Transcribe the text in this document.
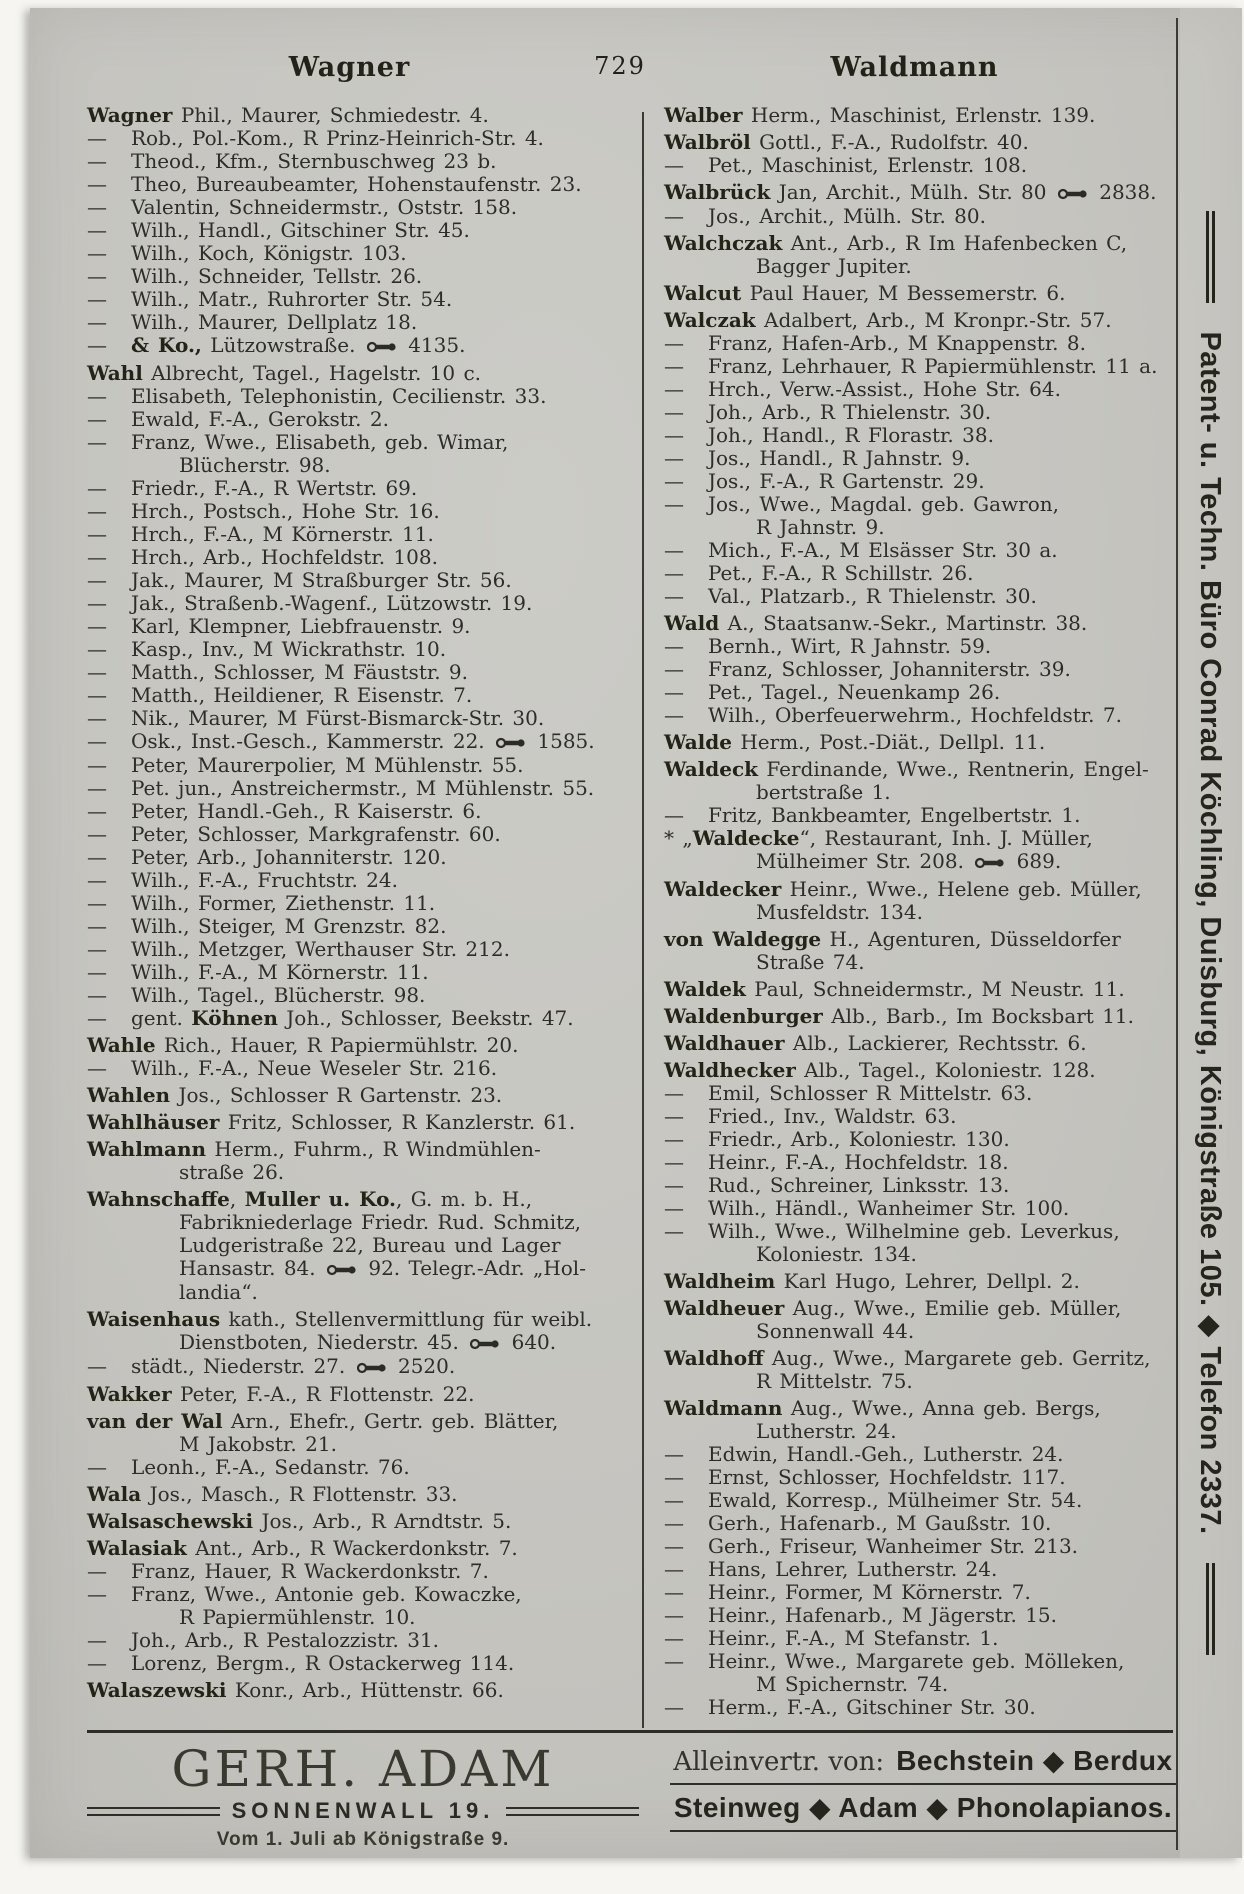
Wagner	729	Waldmann
Wagner Phil., Maurer, Schmiedestr. 4.
— Rob., Pol.-Kom., R Prinz-Heinrich-Str. 4.
— Theod., Kfm., Sternbuschweg 23 b.
— Theo, Bureaubeamter, Hohenstaufenstr. 23.
— Valentin, Schneidermstr., Oststr. 158.
— Wilh., Handl., Gitschiner Str. 45.
— Wilh., Koch, Königstr. 103.
— Wilh., Schneider, Tellstr. 26.
— Wilh., Matr., Ruhrorter Str. 54.
— Wilh., Maurer, Dellplatz 18.
— & Ko., Lützowstraße.  4135.
Wahl Albrecht, Tagel., Hagelstr. 10 c.
— Elisabeth, Telephonistin, Cecilienstr. 33.
— Ewald, F.-A., Gerokstr. 2.
— Franz, Wwe., Elisabeth, geb. Wimar,
Blücherstr. 98.
— Friedr., F.-A., R Wertstr. 69.
— Hrch., Postsch., Hohe Str. 16.
— Hrch., F.-A., M Körnerstr. 11.
— Hrch., Arb., Hochfeldstr. 108.
— Jak., Maurer, M Straßburger Str. 56.
— Jak., Straßenb.-Wagenf., Lützowstr. 19.
— Karl, Klempner, Liebfrauenstr. 9.
— Kasp., Inv., M Wickrathstr. 10.
— Matth., Schlosser, M Fäuststr. 9.
— Matth., Heildiener, R Eisenstr. 7.
— Nik., Maurer, M Fürst-Bismarck-Str. 30.
— Osk., Inst.-Gesch., Kammerstr. 22.  1585.
— Peter, Maurerpolier, M Mühlenstr. 55.
— Pet. jun., Anstreichermstr., M Mühlenstr. 55.
— Peter, Handl.-Geh., R Kaiserstr. 6.
— Peter, Schlosser, Markgrafenstr. 60.
— Peter, Arb., Johanniterstr. 120.
— Wilh., F.-A., Fruchtstr. 24.
— Wilh., Former, Ziethenstr. 11.
— Wilh., Steiger, M Grenzstr. 82.
— Wilh., Metzger, Werthauser Str. 212.
— Wilh., F.-A., M Körnerstr. 11.
— Wilh., Tagel., Blücherstr. 98.
— gent. Köhnen Joh., Schlosser, Beekstr. 47.
Wahle Rich., Hauer, R Papiermühlstr. 20.
— Wilh., F.-A., Neue Weseler Str. 216.
Wahlen Jos., Schlosser R Gartenstr. 23.
Wahlhäuser Fritz, Schlosser, R Kanzlerstr. 61.
Wahlmann Herm., Fuhrm., R Windmühlen-
straße 26.
Wahnschaffe, Muller u. Ko., G. m. b. H.,
Fabrikniederlage Friedr. Rud. Schmitz,
Ludgeristraße 22, Bureau und Lager
Hansastr. 84.  92. Telegr.-Adr. „Hol-
landia“.
Waisenhaus kath., Stellenvermittlung für weibl.
Dienstboten, Niederstr. 45.  640.
— städt., Niederstr. 27.  2520.
Wakker Peter, F.-A., R Flottenstr. 22.
van der Wal Arn., Ehefr., Gertr. geb. Blätter,
M Jakobstr. 21.
— Leonh., F.-A., Sedanstr. 76.
Wala Jos., Masch., R Flottenstr. 33.
Walsaschewski Jos., Arb., R Arndtstr. 5.
Walasiak Ant., Arb., R Wackerdonkstr. 7.
— Franz, Hauer, R Wackerdonkstr. 7.
— Franz, Wwe., Antonie geb. Kowaczke,
R Papiermühlenstr. 10.
— Joh., Arb., R Pestalozzistr. 31.
— Lorenz, Bergm., R Ostackerweg 114.
Walaszewski Konr., Arb., Hüttenstr. 66.
Walber Herm., Maschinist, Erlenstr. 139.
Walbröl Gottl., F.-A., Rudolfstr. 40.
— Pet., Maschinist, Erlenstr. 108.
Walbrück Jan, Archit., Mülh. Str. 80  2838.
— Jos., Archit., Mülh. Str. 80.
Walchczak Ant., Arb., R Im Hafenbecken C,
Bagger Jupiter.
Walcut Paul Hauer, M Bessemerstr. 6.
Walczak Adalbert, Arb., M Kronpr.-Str. 57.
— Franz, Hafen-Arb., M Knappenstr. 8.
— Franz, Lehrhauer, R Papiermühlenstr. 11 a.
— Hrch., Verw.-Assist., Hohe Str. 64.
— Joh., Arb., R Thielenstr. 30.
— Joh., Handl., R Florastr. 38.
— Jos., Handl., R Jahnstr. 9.
— Jos., F.-A., R Gartenstr. 29.
— Jos., Wwe., Magdal. geb. Gawron,
R Jahnstr. 9.
— Mich., F.-A., M Elsässer Str. 30 a.
— Pet., F.-A., R Schillstr. 26.
— Val., Platzarb., R Thielenstr. 30.
Wald A., Staatsanw.-Sekr., Martinstr. 38.
— Bernh., Wirt, R Jahnstr. 59.
— Franz, Schlosser, Johanniterstr. 39.
— Pet., Tagel., Neuenkamp 26.
— Wilh., Oberfeuerwehrm., Hochfeldstr. 7.
Walde Herm., Post.-Diät., Dellpl. 11.
Waldeck Ferdinande, Wwe., Rentnerin, Engel-
bertstraße 1.
— Fritz, Bankbeamter, Engelbertstr. 1.
* „Waldecke“, Restaurant, Inh. J. Müller,
Mülheimer Str. 208.  689.
Waldecker Heinr., Wwe., Helene geb. Müller,
Musfeldstr. 134.
von Waldegge H., Agenturen, Düsseldorfer
Straße 74.
Waldek Paul, Schneidermstr., M Neustr. 11.
Waldenburger Alb., Barb., Im Bocksbart 11.
Waldhauer Alb., Lackierer, Rechtsstr. 6.
Waldhecker Alb., Tagel., Koloniestr. 128.
— Emil, Schlosser R Mittelstr. 63.
— Fried., Inv., Waldstr. 63.
— Friedr., Arb., Koloniestr. 130.
— Heinr., F.-A., Hochfeldstr. 18.
— Rud., Schreiner, Linksstr. 13.
— Wilh., Händl., Wanheimer Str. 100.
— Wilh., Wwe., Wilhelmine geb. Leverkus,
Koloniestr. 134.
Waldheim Karl Hugo, Lehrer, Dellpl. 2.
Waldheuer Aug., Wwe., Emilie geb. Müller,
Sonnenwall 44.
Waldhoff Aug., Wwe., Margarete geb. Gerritz,
R Mittelstr. 75.
Waldmann Aug., Wwe., Anna geb. Bergs,
Lutherstr. 24.
— Edwin, Handl.-Geh., Lutherstr. 24.
— Ernst, Schlosser, Hochfeldstr. 117.
— Ewald, Korresp., Mülheimer Str. 54.
— Gerh., Hafenarb., M Gaußstr. 10.
— Gerh., Friseur, Wanheimer Str. 213.
— Hans, Lehrer, Lutherstr. 24.
— Heinr., Former, M Körnerstr. 7.
— Heinr., Hafenarb., M Jägerstr. 15.
— Heinr., F.-A., M Stefanstr. 1.
— Heinr., Wwe., Margarete geb. Mölleken,
M Spichernstr. 74.
— Herm., F.-A., Gitschiner Str. 30.
Patent- u. Techn. Büro Conrad Köchling, Duisburg, Königstraße 105. ◆ Telefon 2337.
GERH. ADAM
SONNENWALL 19.
Vom 1. Juli ab Königstraße 9.
Alleinvertr. von: Bechstein ◆ Berdux
Steinweg ◆ Adam ◆ Phonolapianos.
